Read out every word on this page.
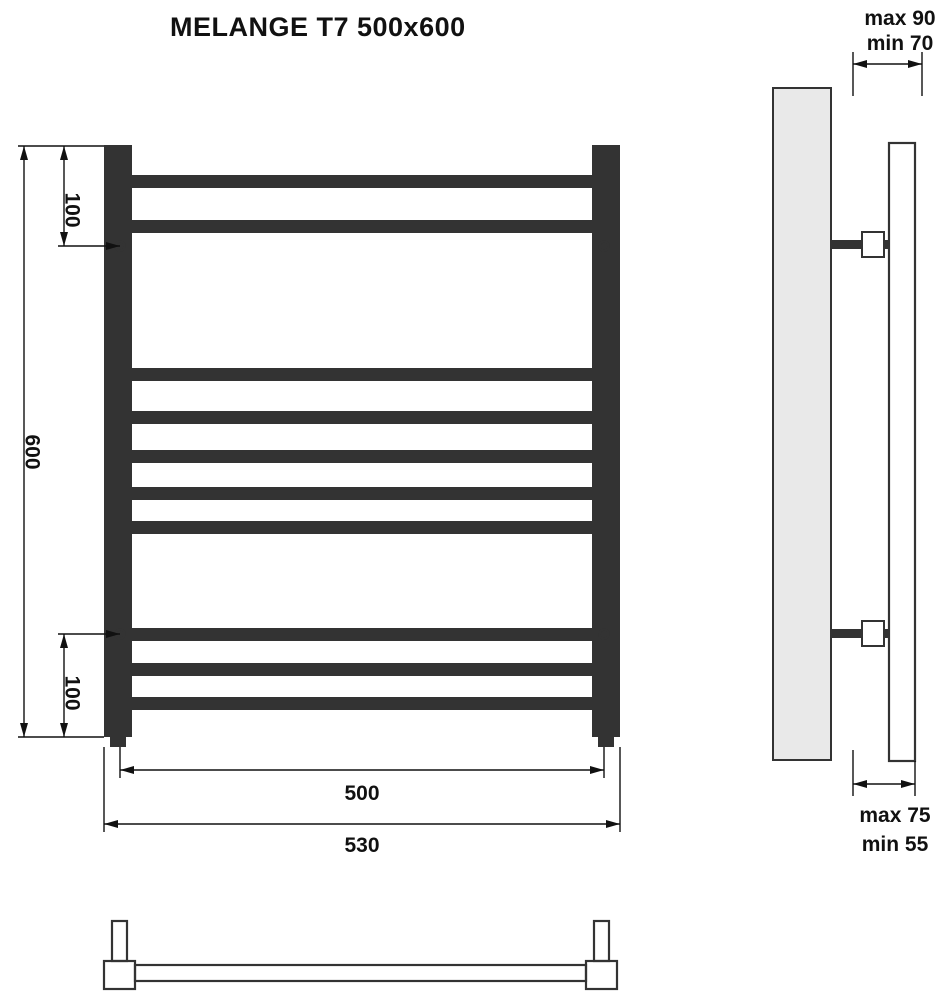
MELANGE Т7 500x600
600
100
100
500
530
max 90
min 70
max 75
min 55
